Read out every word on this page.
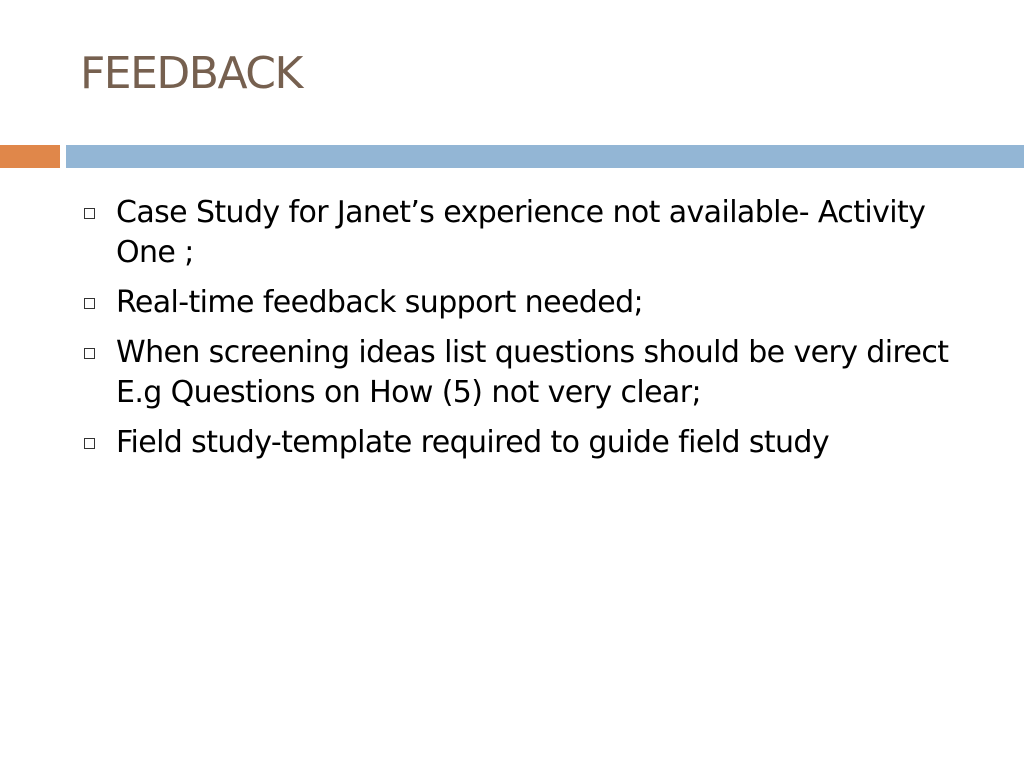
FEEDBACK
Case Study for Janet’s experience not available- Activity One ;
Real-time feedback support needed;
When screening ideas list questions should be very direct E.g Questions on How (5) not very clear;
Field study-template required to guide field study
